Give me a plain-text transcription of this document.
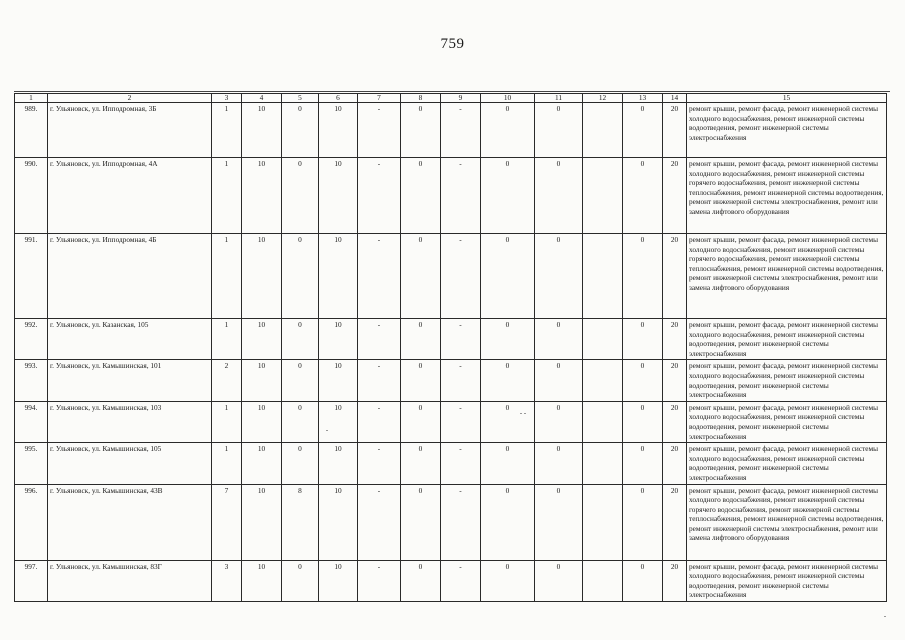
759
1	2	3	4	5	6	7	8	9	10	11	12	13	14	15
989.	г. Ульяновск, ул. Ипподромная, 3Б	1	10	0	10	-	0	-	0	0		0	20	ремонт крыши, ремонт фасада, ремонт инженерной системы холодного водоснабжения, ремонт инженерной системы водоотведения, ремонт инженерной системы электроснабжения
990.	г. Ульяновск, ул. Ипподромная, 4А	1	10	0	10	-	0	-	0	0		0	20	ремонт крыши, ремонт фасада, ремонт инженерной системы холодного водоснабжения, ремонт инженерной системы горячего водоснабжения, ремонт инженерной системы теплоснабжения, ремонт инженерной системы водоотведения, ремонт инженерной системы электроснабжения, ремонт или замена лифтового оборудования
991.	г. Ульяновск, ул. Ипподромная, 4Б	1	10	0	10	-	0	-	0	0		0	20	ремонт крыши, ремонт фасада, ремонт инженерной системы холодного водоснабжения, ремонт инженерной системы горячего водоснабжения, ремонт инженерной системы теплоснабжения, ремонт инженерной системы водоотведения, ремонт инженерной системы электроснабжения, ремонт или замена лифтового оборудования
992.	г. Ульяновск, ул. Казанская, 105	1	10	0	10	-	0	-	0	0		0	20	ремонт крыши, ремонт фасада, ремонт инженерной системы холодного водоснабжения, ремонт инженерной системы водоотведения, ремонт инженерной системы электроснабжения
993.	г. Ульяновск, ул. Камышинская, 101	2	10	0	10	-	0	-	0	0		0	20	ремонт крыши, ремонт фасада, ремонт инженерной системы холодного водоснабжения, ремонт инженерной системы водоотведения, ремонт инженерной системы электроснабжения
994.	г. Ульяновск, ул. Камышинская, 103	1	10	0	10	-	0	-	0	0		0	20	ремонт крыши, ремонт фасада, ремонт инженерной системы холодного водоснабжения, ремонт инженерной системы водоотведения, ремонт инженерной системы электроснабжения
995.	г. Ульяновск, ул. Камышинская, 105	1	10	0	10	-	0	-	0	0		0	20	ремонт крыши, ремонт фасада, ремонт инженерной системы холодного водоснабжения, ремонт инженерной системы водоотведения, ремонт инженерной системы электроснабжения
996.	г. Ульяновск, ул. Камышинская, 43В	7	10	8	10	-	0	-	0	0		0	20	ремонт крыши, ремонт фасада, ремонт инженерной системы холодного водоснабжения, ремонт инженерной системы горячего водоснабжения, ремонт инженерной системы теплоснабжения, ремонт инженерной системы водоотведения, ремонт инженерной системы электроснабжения, ремонт или замена лифтового оборудования
997.	г. Ульяновск, ул. Камышинская, 83Г	3	10	0	10	-	0	-	0	0		0	20	ремонт крыши, ремонт фасада, ремонт инженерной системы холодного водоснабжения, ремонт инженерной системы водоотведения, ремонт инженерной системы электроснабжения
